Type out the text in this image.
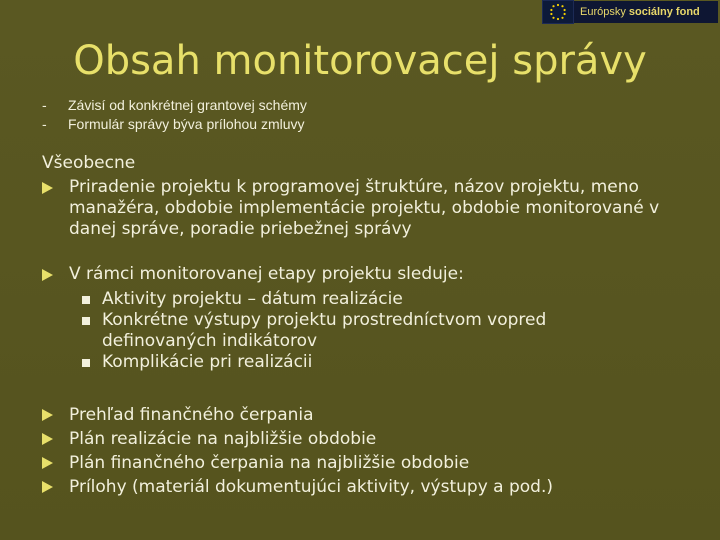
Európsky sociálny fond
Obsah monitorovacej správy
-	Závisí od konkrétnej grantovej schémy
-	Formulár správy býva prílohou zmluvy
Všeobecne
Priradenie projektu k programovej štruktúre, názov projektu, meno
manažéra, obdobie implementácie projektu, obdobie monitorované v
danej správe, poradie priebežnej správy
V rámci monitorovanej etapy projektu sleduje:
Aktivity projektu – dátum realizácie
Konkrétne výstupy projektu prostredníctvom vopred
definovaných indikátorov
Komplikácie pri realizácii
Prehľad finančného čerpania
Plán realizácie na najbližšie obdobie
Plán finančného čerpania na najbližšie obdobie
Prílohy (materiál dokumentujúci aktivity, výstupy a pod.)
